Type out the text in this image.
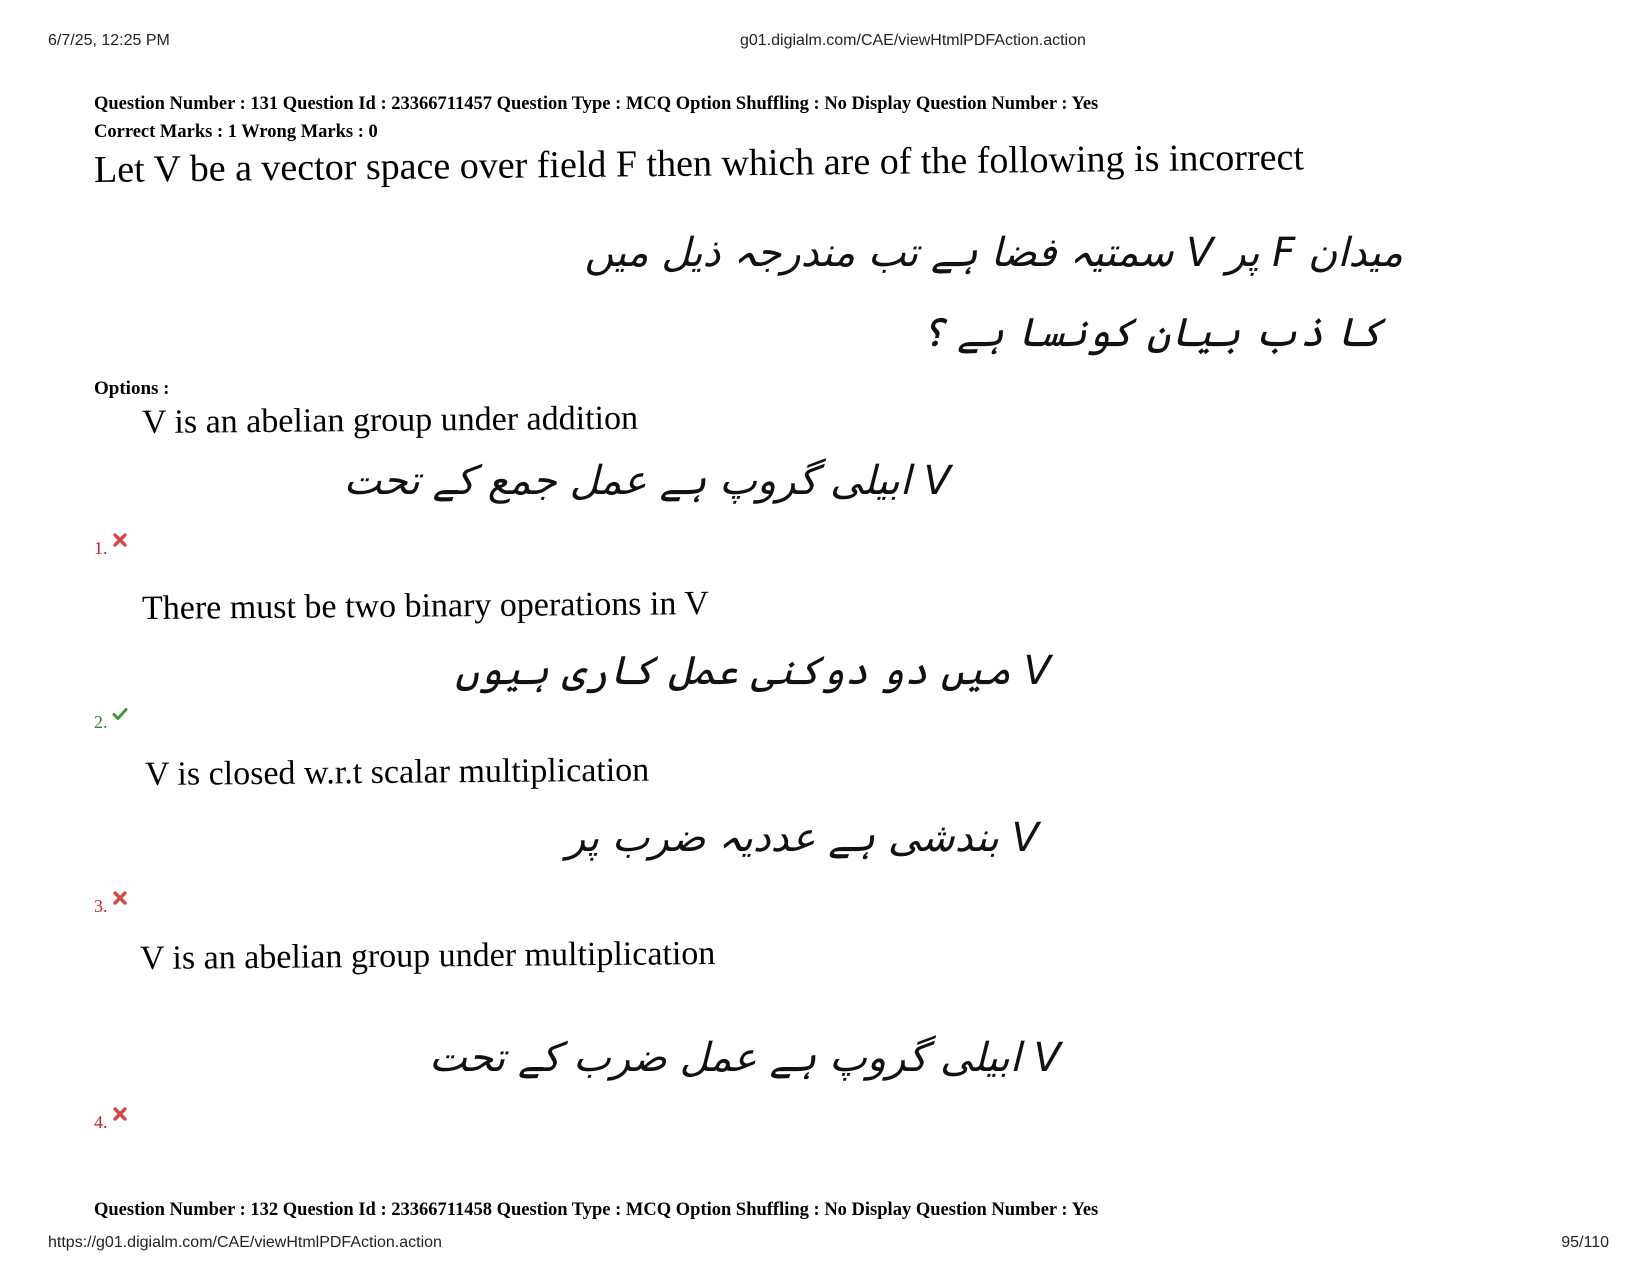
6/7/25, 12:25 PM	g01.digialm.com/CAE/viewHtmlPDFAction.action
Question Number : 131 Question Id : 23366711457 Question Type : MCQ Option Shuffling : No Display Question Number : Yes
Correct Marks : 1 Wrong Marks : 0
Let V be a vector space over field F then which are of the following is incorrect
میدان F پر V سمتیہ فضا ہے تب مندرجہ ذیل میں
کا ذب بیان کونسا ہے ؟
Options :
V is an abelian group under addition
V ابیلی گروپ ہے عمل جمع کے تحت
1.
There must be two binary operations in V
V میں دو دوکنی عمل کاری ہیوں
2.
V is closed w.r.t scalar multiplication
V بندشی ہے عددیہ ضرب پر
3.
V is an abelian group under multiplication
V ابیلی گروپ ہے عمل ضرب کے تحت
4.
Question Number : 132 Question Id : 23366711458 Question Type : MCQ Option Shuffling : No Display Question Number : Yes
https://g01.digialm.com/CAE/viewHtmlPDFAction.action	95/110
